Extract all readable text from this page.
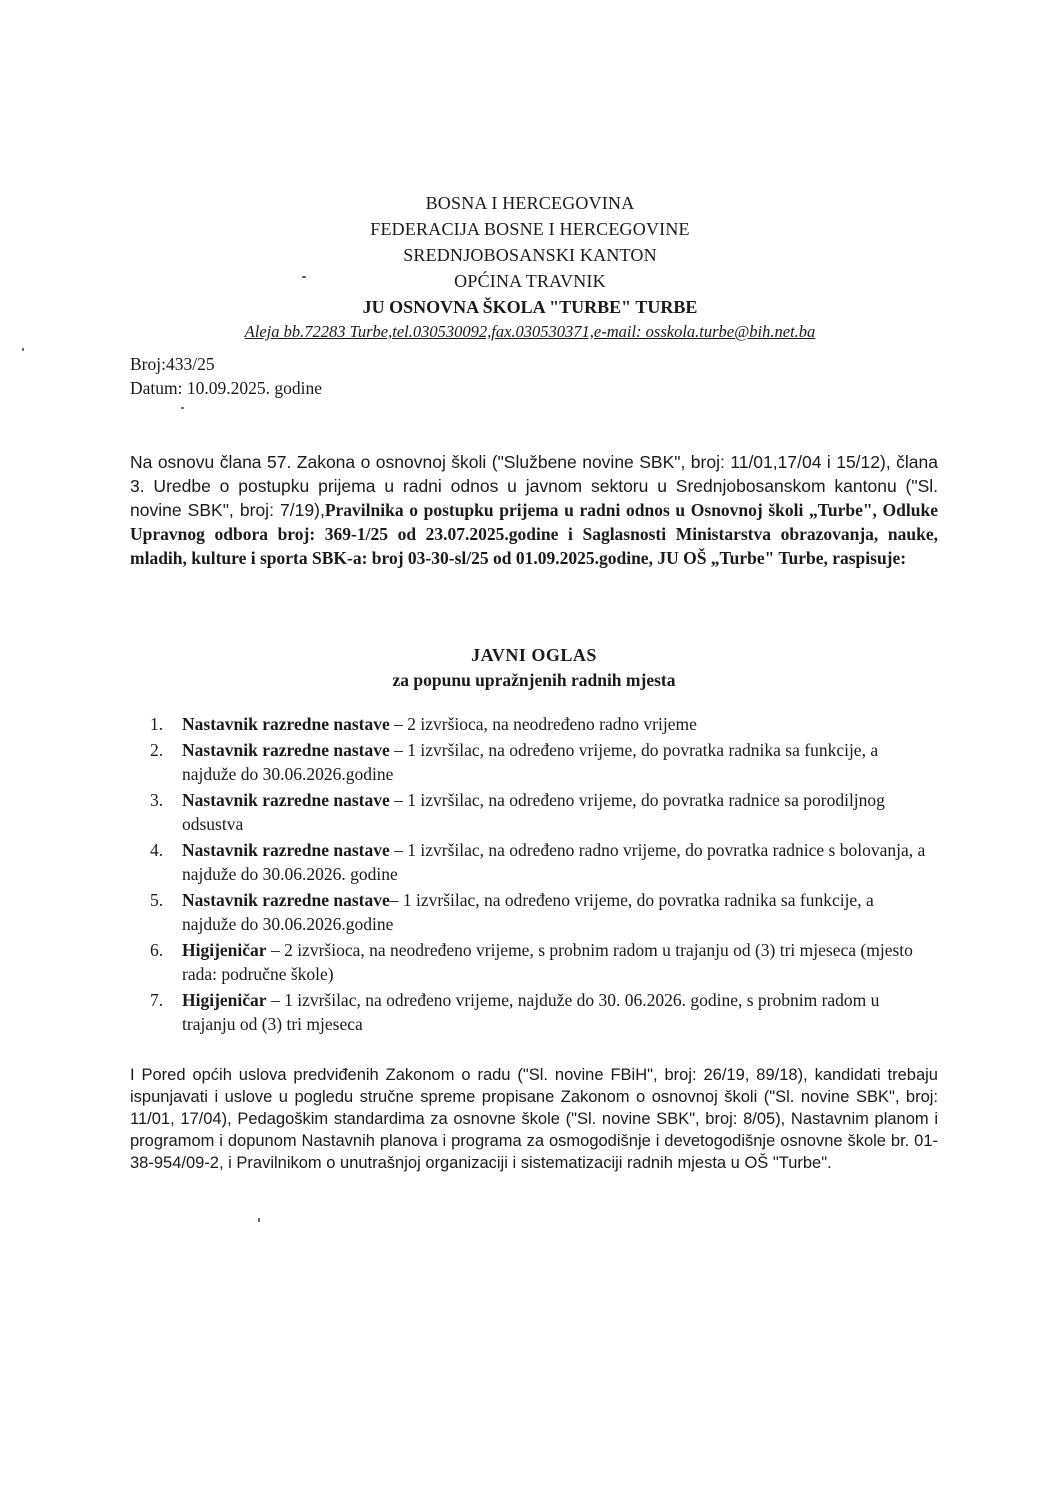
BOSNA I HERCEGOVINA
FEDERACIJA BOSNE I HERCEGOVINE
SREDNJOBOSANSKI KANTON
OPĆINA TRAVNIK
JU OSNOVNA ŠKOLA "TURBE" TURBE
Aleja bb.72283 Turbe,tel.030530092,fax.030530371,e-mail: osskola.turbe@bih.net.ba
Broj:433/25
Datum: 10.09.2025. godine
Na osnovu člana 57. Zakona o osnovnoj školi ("Službene novine SBK", broj: 11/01,17/04 i 15/12), člana 3. Uredbe o postupku prijema u radni odnos u javnom sektoru u Srednjobosanskom kantonu ("Sl. novine SBK", broj: 7/19),Pravilnika o postupku prijema u radni odnos u Osnovnoj školi „Turbe", Odluke Upravnog odbora broj: 369-1/25 od 23.07.2025.godine i Saglasnosti Ministarstva obrazovanja, nauke, mladih, kulture i sporta SBK-a: broj 03-30-sl/25 od 01.09.2025.godine, JU OŠ „Turbe" Turbe, raspisuje:
JAVNI OGLAS
za popunu upražnjenih radnih mjesta
1. Nastavnik razredne nastave – 2 izvršioca, na neodređeno radno vrijeme
2. Nastavnik razredne nastave – 1 izvršilac, na određeno vrijeme, do povratka radnika sa funkcije, a najduže do 30.06.2026.godine
3. Nastavnik razredne nastave – 1 izvršilac, na određeno vrijeme, do povratka radnice sa porodiljnog odsustva
4. Nastavnik razredne nastave – 1 izvršilac, na određeno radno vrijeme, do povratka radnice s bolovanja, a najduže do 30.06.2026. godine
5. Nastavnik razredne nastave– 1 izvršilac, na određeno vrijeme, do povratka radnika sa funkcije, a najduže do 30.06.2026.godine
6. Higijeničar – 2 izvršioca, na neodređeno vrijeme, s probnim radom u trajanju od (3) tri mjeseca (mjesto rada: područne škole)
7. Higijeničar – 1 izvršilac, na određeno vrijeme, najduže do 30. 06.2026. godine, s probnim radom u trajanju od (3) tri mjeseca
I Pored općih uslova predviđenih Zakonom o radu ("Sl. novine FBiH", broj: 26/19, 89/18), kandidati trebaju ispunjavati i uslove u pogledu stručne spreme propisane Zakonom o osnovnoj školi ("Sl. novine SBK", broj: 11/01, 17/04), Pedagoškim standardima za osnovne škole ("Sl. novine SBK", broj: 8/05), Nastavnim planom i programom i dopunom Nastavnih planova i programa za osmogodišnje i devetogodišnje osnovne škole br. 01-38-954/09-2, i Pravilnikom o unutrašnjoj organizaciji i sistematizaciji radnih mjesta u OŠ "Turbe".
